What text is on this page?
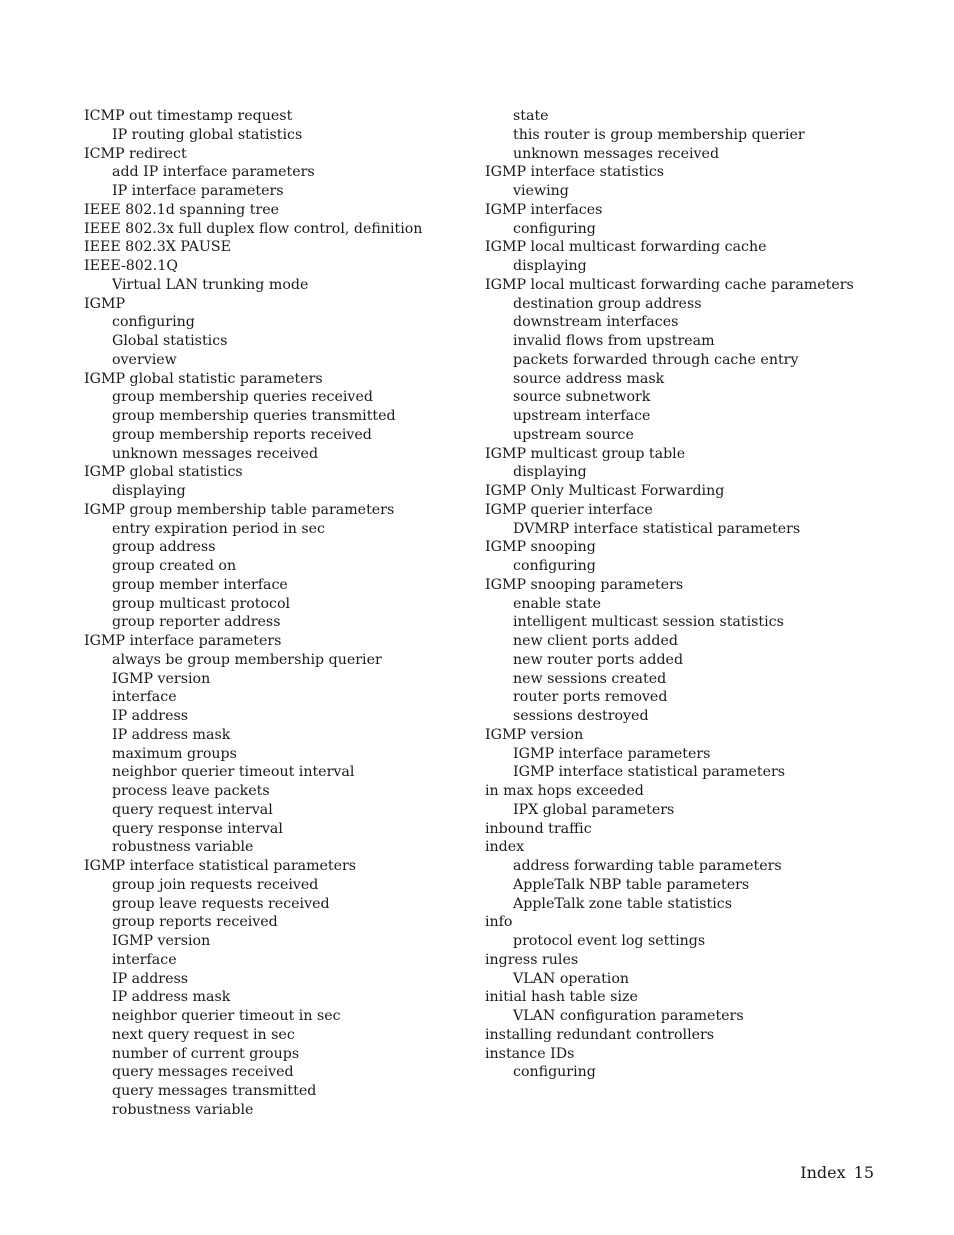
ICMP out timestamp request
IP routing global statistics
ICMP redirect
add IP interface parameters
IP interface parameters
IEEE 802.1d spanning tree
IEEE 802.3x full duplex flow control, definition
IEEE 802.3X PAUSE
IEEE-802.1Q
Virtual LAN trunking mode
IGMP
configuring
Global statistics
overview
IGMP global statistic parameters
group membership queries received
group membership queries transmitted
group membership reports received
unknown messages received
IGMP global statistics
displaying
IGMP group membership table parameters
entry expiration period in sec
group address
group created on
group member interface
group multicast protocol
group reporter address
IGMP interface parameters
always be group membership querier
IGMP version
interface
IP address
IP address mask
maximum groups
neighbor querier timeout interval
process leave packets
query request interval
query response interval
robustness variable
IGMP interface statistical parameters
group join requests received
group leave requests received
group reports received
IGMP version
interface
IP address
IP address mask
neighbor querier timeout in sec
next query request in sec
number of current groups
query messages received
query messages transmitted
robustness variable
state
this router is group membership querier
unknown messages received
IGMP interface statistics
viewing
IGMP interfaces
configuring
IGMP local multicast forwarding cache
displaying
IGMP local multicast forwarding cache parameters
destination group address
downstream interfaces
invalid flows from upstream
packets forwarded through cache entry
source address mask
source subnetwork
upstream interface
upstream source
IGMP multicast group table
displaying
IGMP Only Multicast Forwarding
IGMP querier interface
DVMRP interface statistical parameters
IGMP snooping
configuring
IGMP snooping parameters
enable state
intelligent multicast session statistics
new client ports added
new router ports added
new sessions created
router ports removed
sessions destroyed
IGMP version
IGMP interface parameters
IGMP interface statistical parameters
in max hops exceeded
IPX global parameters
inbound traffic
index
address forwarding table parameters
AppleTalk NBP table parameters
AppleTalk zone table statistics
info
protocol event log settings
ingress rules
VLAN operation
initial hash table size
VLAN configuration parameters
installing redundant controllers
instance IDs
configuring
Index 15
